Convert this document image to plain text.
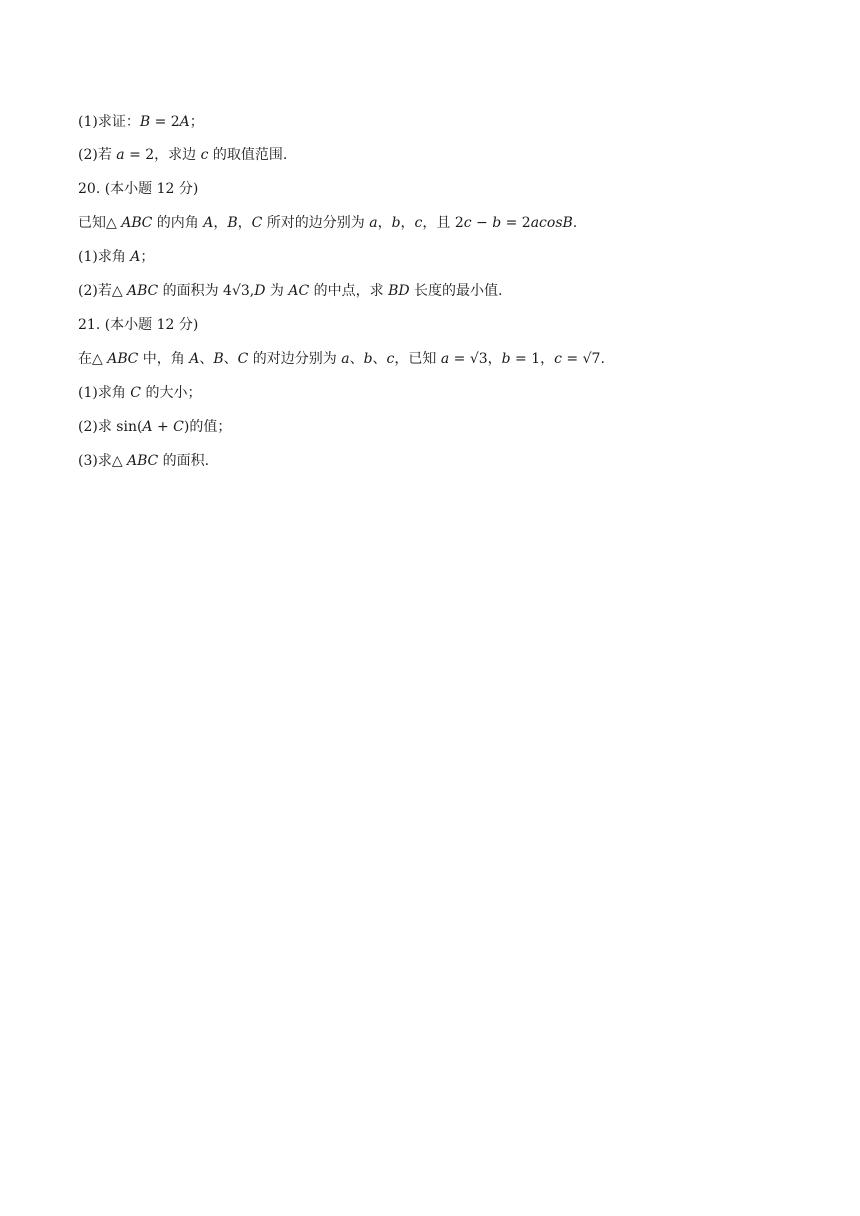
(1)求证：𝐵 = 2𝐴；
(2)若 𝑎 = 2，求边 𝑐 的取值范围.
20. (本小题 12 分)
已知△ 𝐴𝐵𝐶 的内角 𝐴，𝐵，𝐶 所对的边分别为 𝑎，𝑏，𝑐，且 2𝑐 − 𝑏 = 2𝑎𝑐𝑜𝑠𝐵.
(1)求角 𝐴；
(2)若△ 𝐴𝐵𝐶 的面积为 4√3,𝐷 为 𝐴𝐶 的中点，求 𝐵𝐷 长度的最小值.
21. (本小题 12 分)
在△ 𝐴𝐵𝐶 中，角 𝐴、𝐵、𝐶 的对边分别为 𝑎、𝑏、𝑐，已知 𝑎 = √3，𝑏 = 1，𝑐 = √7.
(1)求角 𝐶 的大小；
(2)求 sin(𝐴 + 𝐶)的值；
(3)求△ 𝐴𝐵𝐶 的面积.
